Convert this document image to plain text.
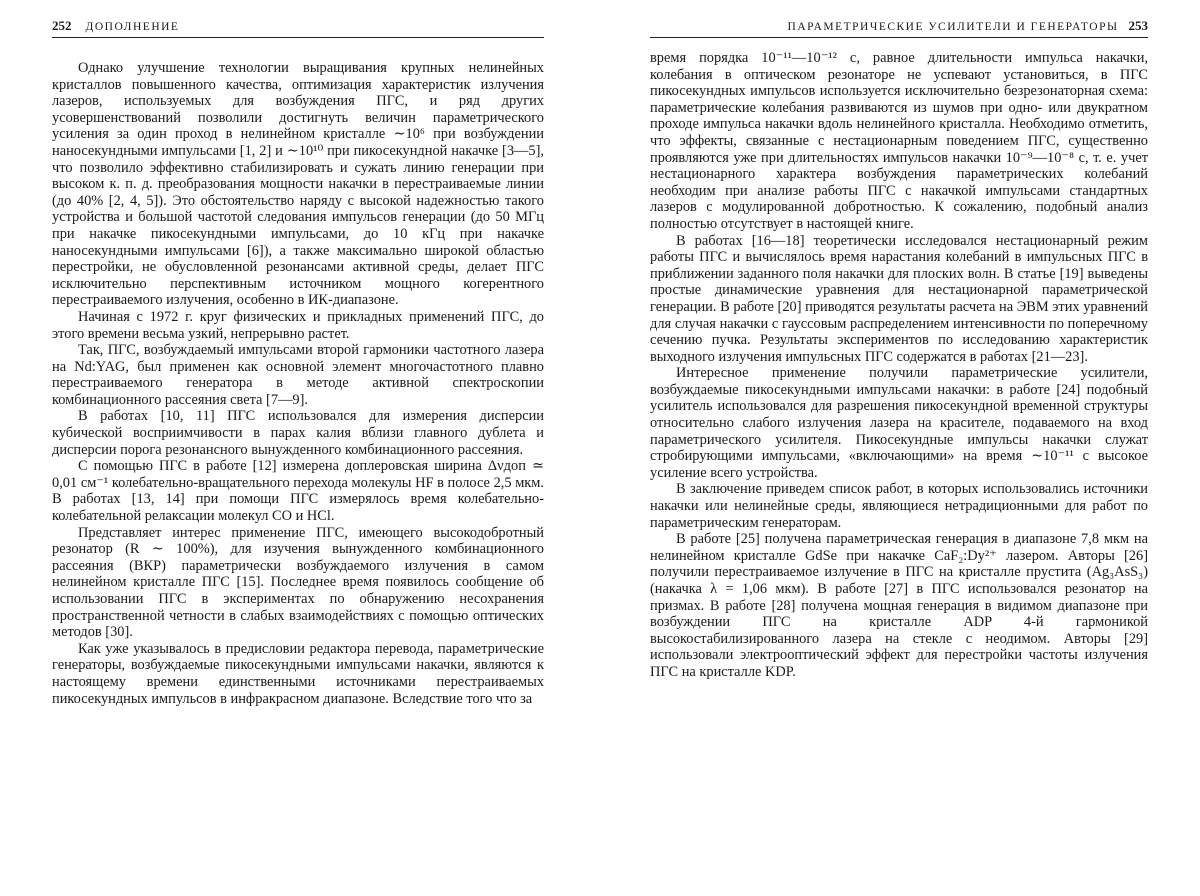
252 ДОПОЛНЕНИЕ

Однако улучшение технологии выращивания крупных нелинейных кристаллов повышенного качества, оптимизация характеристик излучения лазеров, используемых для возбуждения ПГС, и ряд других усовершенствований позволили достигнуть величин параметрического усиления за один проход в нелинейном кристалле ∼10⁶ при возбуждении наносекундными импульсами [1, 2] и ∼10¹⁰ при пикосекундной накачке [3—5], что позволило эффективно стабилизировать и сужать линию генерации при высоком к. п. д. преобразования мощности накачки в перестраиваемые линии (до 40% [2, 4, 5]). Это обстоятельство наряду с высокой надежностью такого устройства и большой частотой следования импульсов генерации (до 50 МГц при накачке пикосекундными импульсами, до 10 кГц при накачке наносекундными импульсами [6]), а также максимально широкой областью перестройки, не обусловленной резонансами активной среды, делает ПГС исключительно перспективным источником мощного когерентного перестраиваемого излучения, особенно в ИК-диапазоне.

Начиная с 1972 г. круг физических и прикладных применений ПГС, до этого времени весьма узкий, непрерывно растет.

Так, ПГС, возбуждаемый импульсами второй гармоники частотного лазера на Nd:YAG, был применен как основной элемент многочастотного плавно перестраиваемого генератора в методе активной спектроскопии комбинационного рассеяния света [7—9].

В работах [10, 11] ПГС использовался для измерения дисперсии кубической восприимчивости в парах калия вблизи главного дублета и дисперсии порога резонансного вынужденного комбинационного рассеяния.

С помощью ПГС в работе [12] измерена доплеровская ширина Δνдоп ≃ 0,01 см⁻¹ колебательно-вращательного перехода молекулы HF в полосе 2,5 мкм. В работах [13, 14] при помощи ПГС измерялось время колебательно-колебательной релаксации молекул CO и HCl.

Представляет интерес применение ПГС, имеющего высокодобротный резонатор (R ∼ 100%), для изучения вынужденного комбинационного рассеяния (ВКР) параметрически возбуждаемого излучения в самом нелинейном кристалле ПГС [15]. Последнее время появилось сообщение об использовании ПГС в экспериментах по обнаружению несохранения пространственной четности в слабых взаимодействиях с помощью оптических методов [30].

Как уже указывалось в предисловии редактора перевода, параметрические генераторы, возбуждаемые пикосекундными импульсами накачки, являются к настоящему времени единственными источниками перестраиваемых пикосекундных импульсов в инфракрасном диапазоне. Вследствие того что за

ПАРАМЕТРИЧЕСКИЕ УСИЛИТЕЛИ И ГЕНЕРАТОРЫ 253

время порядка 10⁻¹¹—10⁻¹² с, равное длительности импульса накачки, колебания в оптическом резонаторе не успевают установиться, в ПГС пикосекундных импульсов используется исключительно безрезонаторная схема: параметрические колебания развиваются из шумов при одно- или двукратном проходе импульса накачки вдоль нелинейного кристалла. Необходимо отметить, что эффекты, связанные с нестационарным поведением ПГС, существенно проявляются уже при длительностях импульсов накачки 10⁻⁹—10⁻⁸ с, т. е. учет нестационарного характера возбуждения параметрических колебаний необходим при анализе работы ПГС с накачкой импульсами стандартных лазеров с модулированной добротностью. К сожалению, подобный анализ полностью отсутствует в настоящей книге.

В работах [16—18] теоретически исследовался нестационарный режим работы ПГС и вычислялось время нарастания колебаний в импульсных ПГС в приближении заданного поля накачки для плоских волн. В статье [19] выведены простые динамические уравнения для нестационарной параметрической генерации. В работе [20] приводятся результаты расчета на ЭВМ этих уравнений для случая накачки с гауссовым распределением интенсивности по поперечному сечению пучка. Результаты экспериментов по исследованию характеристик выходного излучения импульсных ПГС содержатся в работах [21—23].

Интересное применение получили параметрические усилители, возбуждаемые пикосекундными импульсами накачки: в работе [24] подобный усилитель использовался для разрешения пикосекундной временной структуры относительно слабого излучения лазера на красителе, подаваемого на вход параметрического усилителя. Пикосекундные импульсы накачки служат стробирующими импульсами, «включающими» на время ∼10⁻¹¹ с высокое усиление всего устройства.

В заключение приведем список работ, в которых использовались источники накачки или нелинейные среды, являющиеся нетрадиционными для работ по параметрическим генераторам.

В работе [25] получена параметрическая генерация в диапазоне 7,8 мкм на нелинейном кристалле GdSe при накачке CaF₂:Dy²⁺ лазером. Авторы [26] получили перестраиваемое излучение в ПГС на кристалле прустита (Ag₃AsS₃) (накачка λ = 1,06 мкм). В работе [27] в ПГС использовался резонатор на призмах. В работе [28] получена мощная генерация в видимом диапазоне при возбуждении ПГС на кристалле ADP 4-й гармоникой высокостабилизированного лазера на стекле с неодимом. Авторы [29] использовали электрооптический эффект для перестройки частоты излучения ПГС на кристалле KDP.
